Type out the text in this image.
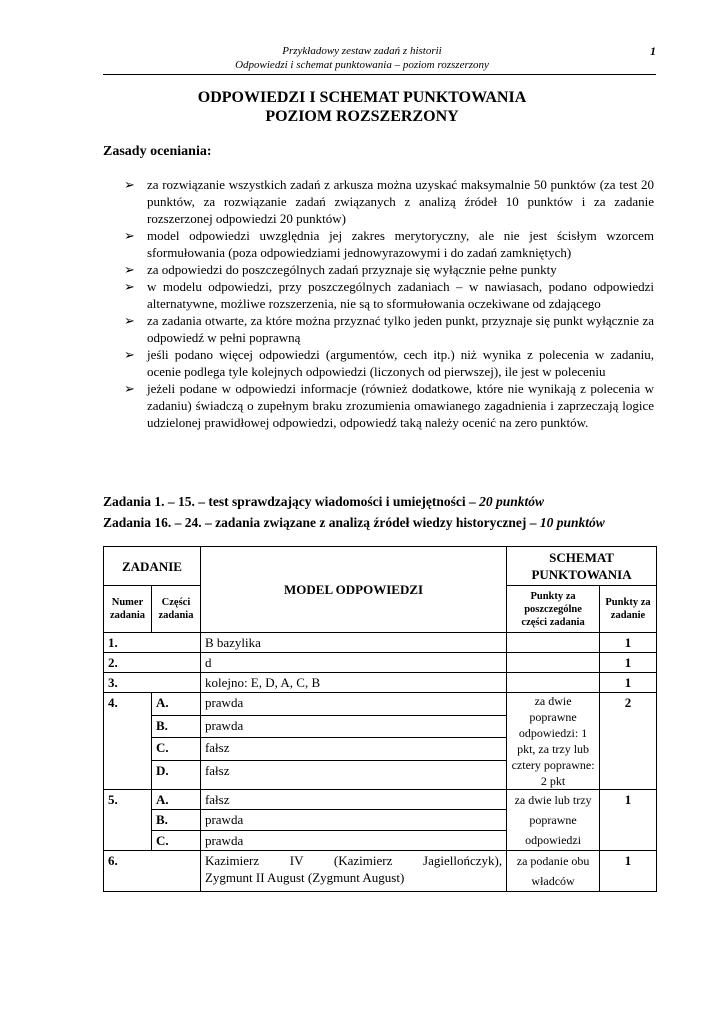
Przykładowy zestaw zadań z historii
Odpowiedzi i schemat punktowania – poziom rozszerzony
1
ODPOWIEDZI I SCHEMAT PUNKTOWANIA
POZIOM ROZSZERZONY
Zasady oceniania:
➢ za rozwiązanie wszystkich zadań z arkusza można uzyskać maksymalnie 50 punktów (za test 20 punktów, za rozwiązanie zadań związanych z analizą źródeł 10 punktów i za zadanie rozszerzonej odpowiedzi 20 punktów)
➢ model odpowiedzi uwzględnia jej zakres merytoryczny, ale nie jest ścisłym wzorcem sformułowania (poza odpowiedziami jednowyrazowymi i do zadań zamkniętych)
➢ za odpowiedzi do poszczególnych zadań przyznaje się wyłącznie pełne punkty
➢ w modelu odpowiedzi, przy poszczególnych zadaniach – w nawiasach, podano odpowiedzi alternatywne, możliwe rozszerzenia, nie są to sformułowania oczekiwane od zdającego
➢ za zadania otwarte, za które można przyznać tylko jeden punkt, przyznaje się punkt wyłącznie za odpowiedź w pełni poprawną
➢ jeśli podano więcej odpowiedzi (argumentów, cech itp.) niż wynika z polecenia w zadaniu, ocenie podlega tyle kolejnych odpowiedzi (liczonych od pierwszej), ile jest w poleceniu
➢ jeżeli podane w odpowiedzi informacje (również dodatkowe, które nie wynikają z polecenia w zadaniu) świadczą o zupełnym braku zrozumienia omawianego zagadnienia i zaprzeczają logice udzielonej prawidłowej odpowiedzi, odpowiedź taką należy ocenić na zero punktów.
Zadania 1. – 15. – test sprawdzający wiadomości i umiejętności – 20 punktów
Zadania 16. – 24. – zadania związane z analizą źródeł wiedzy historycznej – 10 punktów
ZADANIE		MODEL ODPOWIEDZI	SCHEMAT PUNKTOWANIA	
Numer zadania	Części zadania		Punkty za poszczególne części zadania	Punkty za zadanie
1.		B bazylika		1
2.		d		1
3.		kolejno: E, D, A, C, B		1
4.	A.	prawda	za dwie poprawne odpowiedzi: 1 pkt, za trzy lub cztery poprawne: 2 pkt	2
	B.	prawda		
	C.	fałsz		
	D.	fałsz		
5.	A.	fałsz	za dwie lub trzy poprawne odpowiedzi	1
	B.	prawda		
	C.	prawda		
6.		Kazimierz IV (Kazimierz Jagiellończyk),
Zygmunt II August (Zygmunt August)	za podanie obu władców	1
